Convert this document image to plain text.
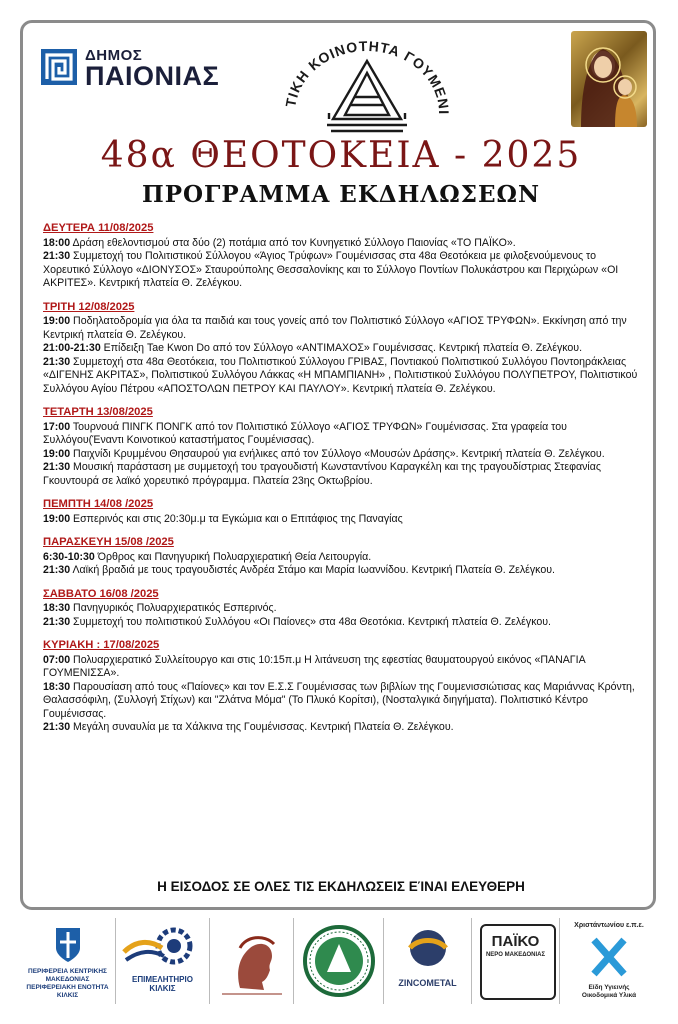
ΔΗΜΟΣ
ΠΑΙΟΝΙΑΣ
ΤΙΚΗ ΚΟΙΝΟΤΗΤΑ ΓΟΥΜΕΝΙ
48α ΘΕΟΤΟΚΕΙΑ - 2025
ΠΡΟΓΡΑΜΜΑ ΕΚΔΗΛΩΣΕΩΝ
ΔΕΥΤΕΡΑ 11/08/2025

18:00 Δράση εθελοντισμού στα δύο (2) ποτάμια από τον Κυνηγετικό Σύλλογο Παιονίας «ΤΟ ΠΑΪΚΟ».

21:30 Συμμετοχή του Πολιτιστικού Σύλλογου «Άγιος Τρύφων» Γουμένισσας στα 48α Θεοτόκεια με φιλοξενούμενους το Χορευτικό Σύλλογο «ΔΙΟΝΥΣΟΣ» Σταυρούπολης Θεσσαλονίκης και το Σύλλογο Ποντίων Πολυκάστρου και Περιχώρων «ΟΙ ΑΚΡΙΤΕΣ». Κεντρική πλατεία Θ. Ζελέγκου.

ΤΡΙΤΗ 12/08/2025

19:00 Ποδηλατοδρομία για όλα τα παιδιά και τους γονείς από τον Πολιτιστικό Σύλλογο «ΑΓΙΟΣ ΤΡΥΦΩΝ». Εκκίνηση από την Κεντρική πλατεία Θ. Ζελέγκου.

21:00-21:30 Επίδειξη Tae Kwon Do από τον Σύλλογο «ΑΝΤΙΜΑΧΟΣ» Γουμένισσας. Κεντρική πλατεία Θ. Ζελέγκου.

21:30 Συμμετοχή στα 48α Θεοτόκεια, του Πολιτιστικού Σύλλογου ΓΡΙΒΑΣ, Ποντιακού Πολιτιστικού Συλλόγου Ποντοηράκλειας «ΔΙΓΕΝΗΣ ΑΚΡΙΤΑΣ», Πολιτιστικού Συλλόγου Λάκκας «Η ΜΠΑΜΠΙΑΝΗ» , Πολιτιστικού Συλλόγου ΠΟΛΥΠΕΤΡΟΥ, Πολιτιστικού Συλλόγου Αγίου Πέτρου «ΑΠΟΣΤΟΛΩΝ ΠΕΤΡΟΥ ΚΑΙ ΠΑΥΛΟΥ». Κεντρική πλατεία Θ. Ζελέγκου.

ΤΕΤΑΡΤΗ 13/08/2025

17:00 Τουρνουά ΠΙΝΓΚ ΠΟΝΓΚ από τον Πολιτιστικό Σύλλογο «ΑΓΙΟΣ ΤΡΥΦΩΝ» Γουμένισσας. Στα γραφεία του Συλλόγου(Έναντι Κοινοτικού καταστήματος Γουμένισσας).

19:00 Παιχνίδι Κρυμμένου Θησαυρού για ενήλικες από τον Σύλλογο «Μουσών Δράσης». Κεντρική πλατεία Θ. Ζελέγκου.

21:30 Μουσική παράσταση με συμμετοχή του τραγουδιστή Κωνσταντίνου Καραγκέλη και της τραγουδίστριας Στεφανίας Γκουντουρά σε λαϊκό χορευτικό πρόγραμμα. Πλατεία 23ης Οκτωβρίου.

ΠΕΜΠΤΗ 14/08 /2025

19:00 Εσπερινός και στις 20:30μ.μ τα Εγκώμια και ο Επιτάφιος της Παναγίας

ΠΑΡΑΣΚΕΥΗ 15/08 /2025

6:30-10:30 Όρθρος και Πανηγυρική Πολυαρχιερατική Θεία Λειτουργία.

21:30 Λαϊκή βραδιά με τους τραγουδιστές Ανδρέα Στάμο και Μαρία Ιωαννίδου. Κεντρική Πλατεία Θ. Ζελέγκου.

ΣΑΒΒΑΤΟ 16/08 /2025

18:30 Πανηγυρικός Πολυαρχιερατικός Εσπερινός.

21:30 Συμμετοχή του πολιτιστικού Συλλόγου «Οι Παίονες» στα 48α Θεοτόκια. Κεντρική πλατεία Θ. Ζελέγκου.

ΚΥΡΙΑΚΗ : 17/08/2025

07:00 Πολυαρχιερατικό Συλλείτουργο και στις 10:15π.μ Η λιτάνευση της εφεστίας θαυματουργού εικόνος «ΠΑΝΑΓΙΑ ΓΟΥΜΕΝΙΣΣΑ».

18:30 Παρουσίαση από τους «Παίονες» και τον Ε.Σ.Σ Γουμένισσας των βιβλίων της Γουμενισσιώτισας κας Μαριάννας Κρόντη, Θαλασσόφιλη, (Συλλογή Στίχων) και "Ζλάτνα Μόμα" (Το Πλυκό Κορίτσι), (Νοσταλγικά διηγήματα). Πολιτιστικό Κέντρο Γουμένισσας.

21:30 Μεγάλη συναυλία με τα Χάλκινα της Γουμένισσας. Κεντρική Πλατεία Θ. Ζελέγκου.

Η ΕΙΣΟΔΟΣ ΣΕ ΟΛΕΣ ΤΙΣ ΕΚΔΗΛΩΣΕΙΣ ΕΊΝΑΙ ΕΛΕΥΘΕΡΗ
ΠΕΡΙΦΕΡΕΙΑ ΚΕΝΤΡΙΚΗΣ
ΜΑΚΕΔΟΝΙΑΣ
ΠΕΡΙΦΕΡΕΙΑΚΗ ΕΝΟΤΗΤΑ
ΚΙΛΚΙΣ
ΕΠΙΜΕΛΗΤΗΡΙΟ
ΚΙΛΚΙΣ
ZINCOMETAL
ΠΑΪΚΟ
ΝΕΡΟ ΜΑΚΕΔΟΝΙΑΣ
Χριστάντωνίου ε.π.ε.
Είδη Υγιεινής
Οικοδομικά Υλικά
